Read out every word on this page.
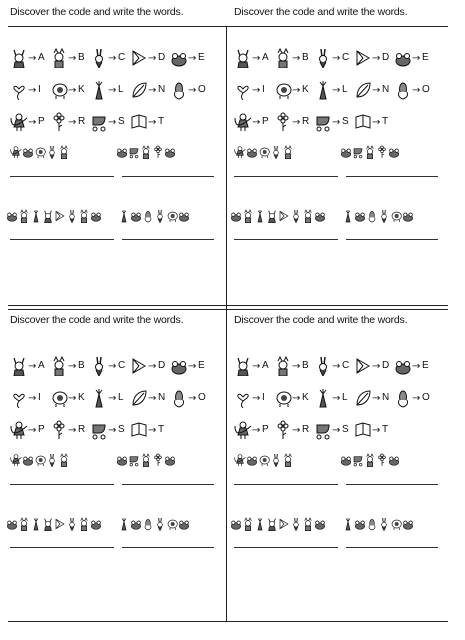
Discover the code and write the words.
→ A → B → C → D → E
→ I	→ K → L → N → O
→ P → R → S → T
Discover the code and write the words.
→ A → B → C → D → E
→ I	→ K → L → N → O
→ P → R → S → T
Discover the code and write the words.
→ A → B → C → D → E
→ I	→ K → L → N → O
→ P → R → S → T
Discover the code and write the words.
→ A → B → C → D → E
→ I	→ K → L → N → O
→ P → R → S → T
